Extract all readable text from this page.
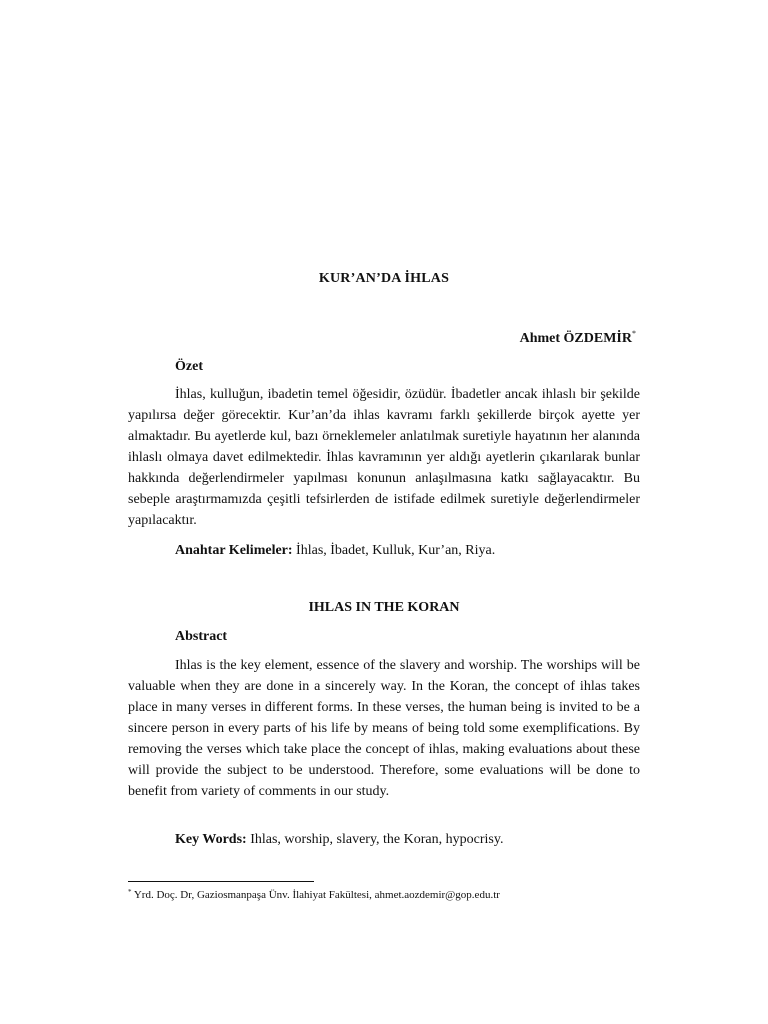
KUR’AN’DA İHLAS
Ahmet ÖZDEMİR*
Özet

İhlas, kulluğun, ibadetin temel öğesidir, özüdür. İbadetler ancak ihlaslı bir şekilde yapılırsa değer görecektir. Kur’an’da ihlas kavramı farklı şekillerde birçok ayette yer almaktadır. Bu ayetlerde kul, bazı örneklemeler anlatılmak suretiyle hayatının her alanında ihlaslı olmaya davet edilmektedir. İhlas kavramının yer aldığı ayetlerin çıkarılarak bunlar hakkında değerlendirmeler yapılması konunun anlaşılmasına katkı sağlayacaktır. Bu sebeple araştırmamızda çeşitli tefsirlerden de istifade edilmek suretiyle değerlendirmeler yapılacaktır.

Anahtar Kelimeler: İhlas, İbadet, Kulluk, Kur’an, Riya.
IHLAS IN THE KORAN
Abstract

Ihlas is the key element, essence of the slavery and worship. The worships will be valuable when they are done in a sincerely way. In the Koran, the concept of ihlas takes place in many verses in different forms. In these verses, the human being is invited to be a sincere person in every parts of his life by means of being told some exemplifications. By removing the verses which take place the concept of ihlas, making evaluations about these will provide the subject to be understood. Therefore, some evaluations will be done to benefit from variety of comments in our study.

Key Words: Ihlas, worship, slavery, the Koran, hypocrisy.
* Yrd. Doç. Dr, Gaziosmanpaşa Ünv. İlahiyat Fakültesi, ahmet.aozdemir@gop.edu.tr
